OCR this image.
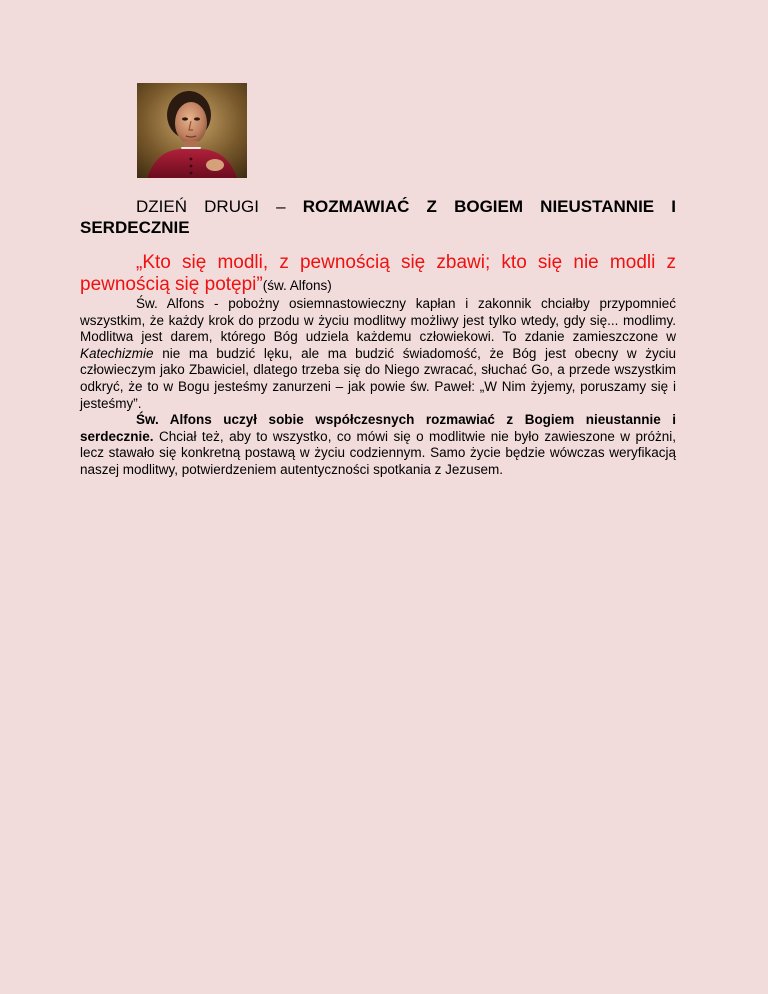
DZIEŃ DRUGI – ROZMAWIAĆ Z BOGIEM NIEUSTANNIE I SERDECZNIE
„Kto się modli, z pewnością się zbawi; kto się nie modli z pewnością się potępi”(św. Alfons)

Św. Alfons - pobożny osiemnastowieczny kapłan i zakonnik chciałby przypomnieć wszystkim, że każdy krok do przodu w życiu modlitwy możliwy jest tylko wtedy, gdy się... modlimy. Modlitwa jest darem, którego Bóg udziela każdemu człowiekowi. To zdanie zamieszczone w Katechizmie nie ma budzić lęku, ale ma budzić świadomość, że Bóg jest obecny w życiu człowieczym jako Zbawiciel, dlatego trzeba się do Niego zwracać, słuchać Go, a przede wszystkim odkryć, że to w Bogu jesteśmy zanurzeni – jak powie św. Paweł: „W Nim żyjemy, poruszamy się i jesteśmy”.

Św. Alfons uczył sobie współczesnych rozmawiać z Bogiem nieustannie i serdecznie. Chciał też, aby to wszystko, co mówi się o modlitwie nie było zawieszone w próżni, lecz stawało się konkretną postawą w życiu codziennym. Samo życie będzie wówczas weryfikacją naszej modlitwy, potwierdzeniem autentyczności spotkania z Jezusem.
